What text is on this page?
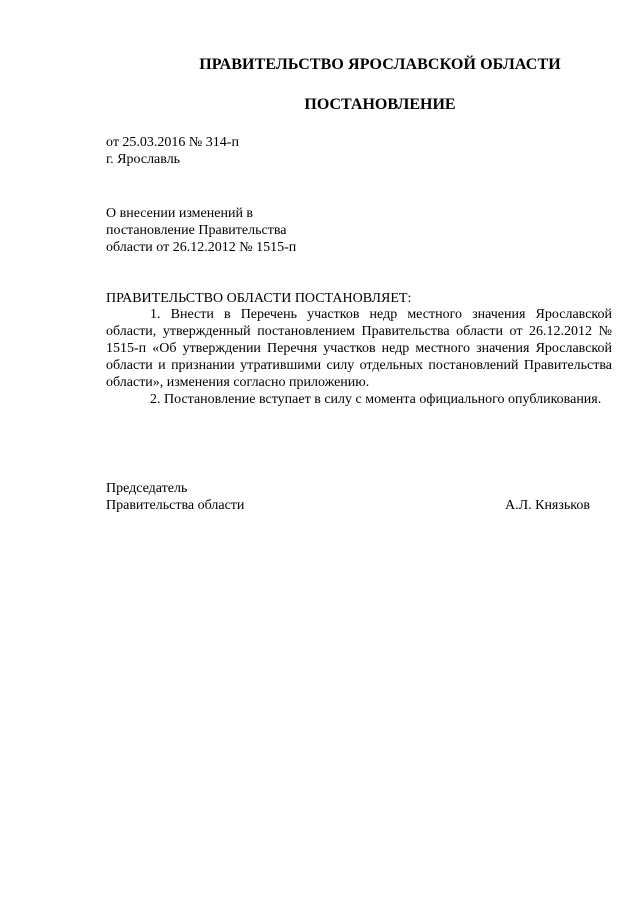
ПРАВИТЕЛЬСТВО ЯРОСЛАВСКОЙ ОБЛАСТИ
ПОСТАНОВЛЕНИЕ
от 25.03.2016 № 314-п
г. Ярославль
О внесении изменений в
постановление Правительства
области от 26.12.2012 № 1515-п
ПРАВИТЕЛЬСТВО ОБЛАСТИ ПОСТАНОВЛЯЕТ:

1. Внести в Перечень участков недр местного значения Ярославской области, утвержденный постановлением Правительства области от 26.12.2012 № 1515-п «Об утверждении Перечня участков недр местного значения Ярославской области и признании утратившими силу отдельных постановлений Правительства области», изменения согласно приложению.

2. Постановление вступает в силу с момента официального опубликования.

Председатель
Правительства области	А.Л. Князьков
